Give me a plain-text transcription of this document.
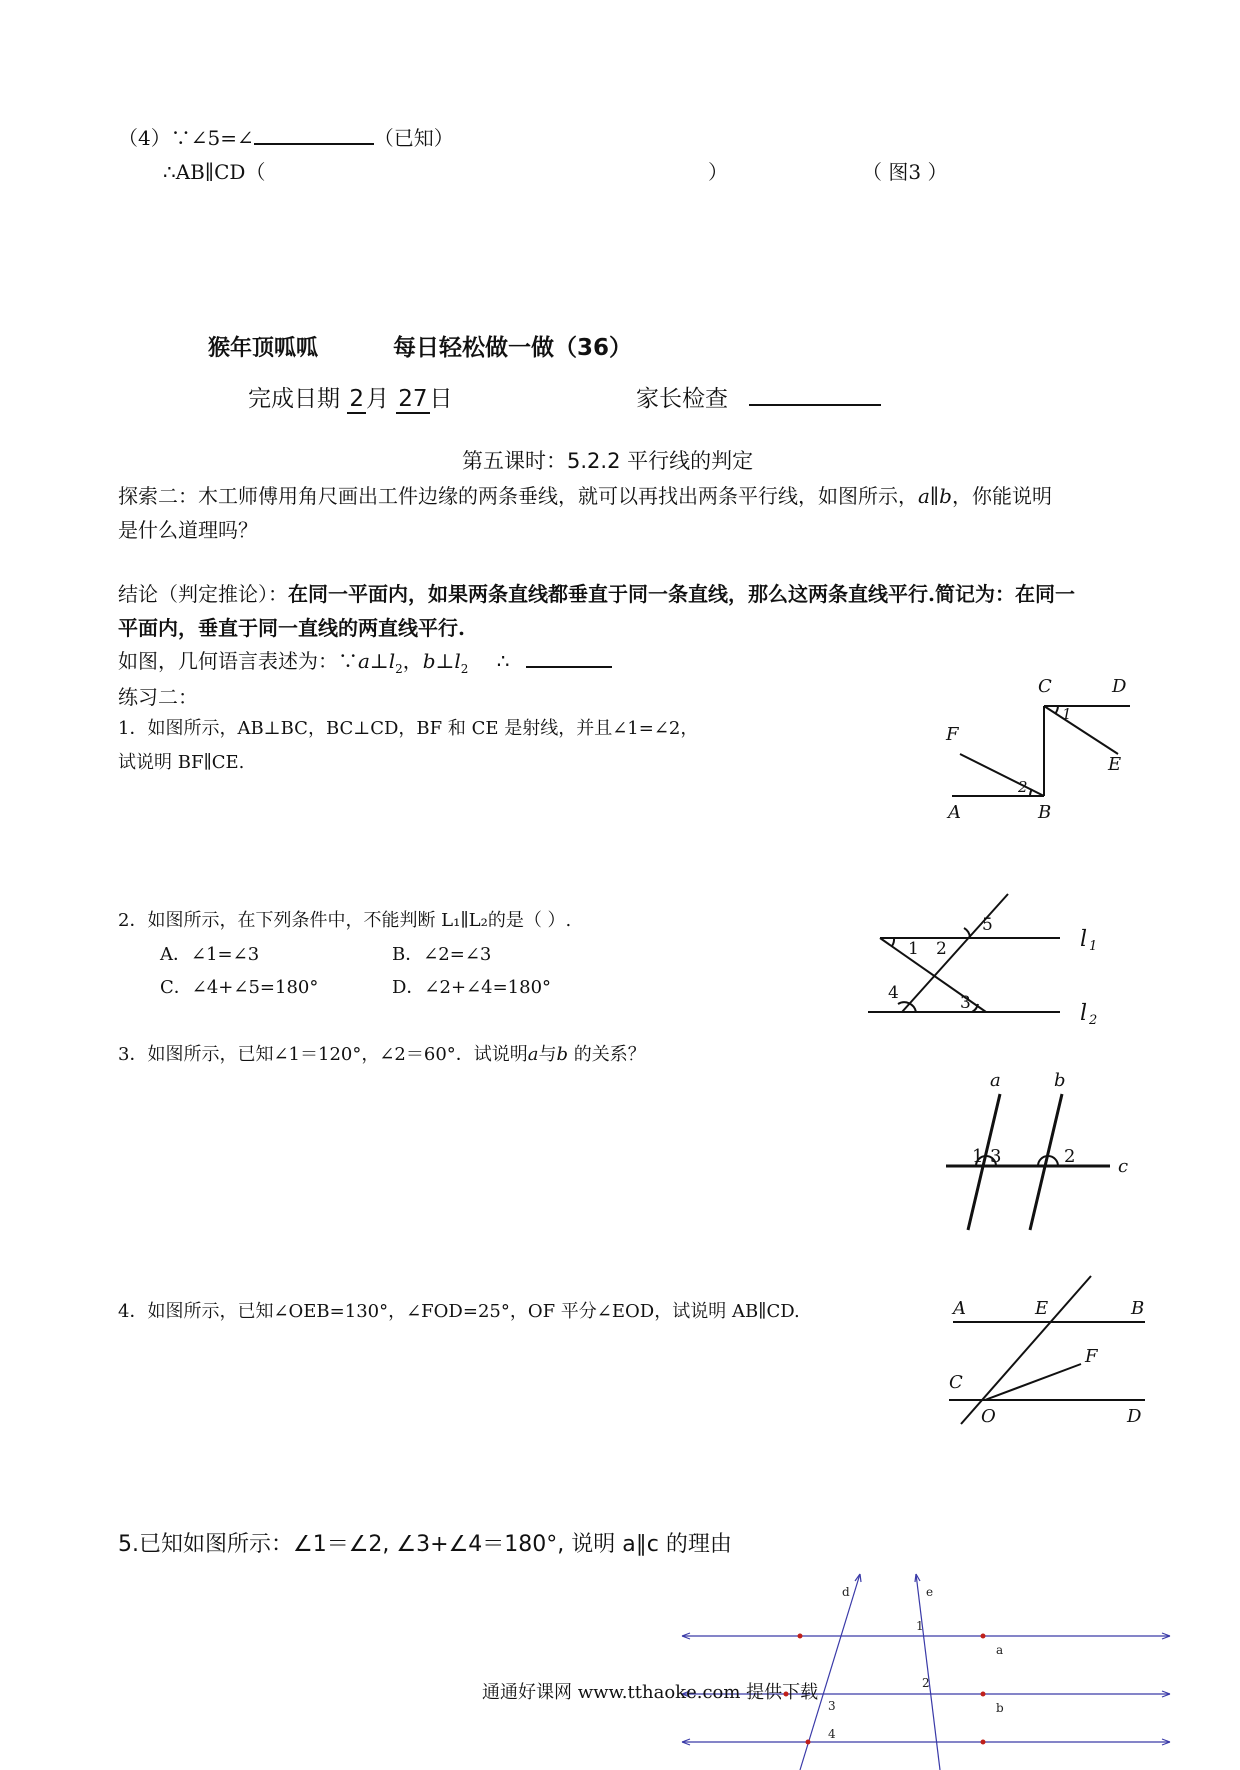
（4）∵∠5=∠	（已知）
∴AB∥CD（	）	（ 图3 ）
猴年顶呱呱	每日轻松做一做（36）
完成日期 2月 27日	家长检查
第五课时：5.2.2 平行线的判定
探索二：木工师傅用角尺画出工件边缘的两条垂线，就可以再找出两条平行线，如图所示，a∥b，你能说明
是什么道理吗？
结论（判定推论）：在同一平面内，如果两条直线都垂直于同一条直线，那么这两条直线平行.简记为：在同一
平面内，垂直于同一直线的两直线平行.
如图，几何语言表述为：$\because a\perp l_2$，$b\perp l_2$ ∴
练习二：
1．如图所示，AB⊥BC，BC⊥CD，BF 和 CE 是射线，并且∠1=∠2，
试说明 BF∥CE.
C	D
F
E
A	B
1
2
2．如图所示，在下列条件中，不能判断 L₁∥L₂的是（ ）.
A．∠1=∠3	B．∠2=∠3
C．∠4+∠5=180°	D．∠2+∠4=180°
1 2
3
4
5
l 1
l 2
3．如图所示，已知∠1＝120°，∠2＝60°．试说明a与b 的关系？
a	b
c
1 3	2
4．如图所示，已知∠OEB=130°，∠FOD=25°，OF 平分∠EOD，试说明 AB∥CD.	A	E	B
F
C
O	D
5.已知如图所示：∠1＝∠2, ∠3+∠4＝180°, 说明 a∥c 的理由
d	e
1
2
3
4
a
b
通通好课网 www.tthaoke.com 提供下载
